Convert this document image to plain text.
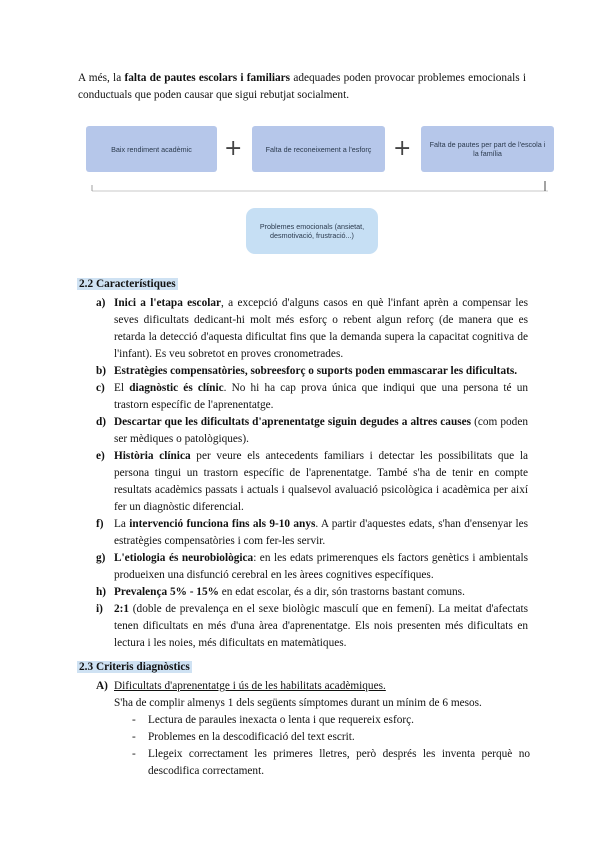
A més, la falta de pautes escolars i familiars adequades poden provocar problemes emocionals i conductuals que poden causar que sigui rebutjat socialment.

Baix rendiment acadèmic +	Falta de reconeixement a l'esforç +	Falta de pautes per part de l'escola i la família
Problemes emocionals (ansietat, desmotivació, frustració...)
2.2 Característiques
a) Inici a l'etapa escolar, a excepció d'alguns casos en què l'infant aprèn a compensar les seves dificultats dedicant-hi molt més esforç o rebent algun reforç (de manera que es retarda la detecció d'aquesta dificultat fins que la demanda supera la capacitat cognitiva de l'infant). Es veu sobretot en proves cronometrades.
b) Estratègies compensatòries, sobreesforç o suports poden emmascarar les dificultats.
c) El diagnòstic és clínic. No hi ha cap prova única que indiqui que una persona té un trastorn específic de l'aprenentatge.
d) Descartar que les dificultats d'aprenentatge siguin degudes a altres causes (com poden ser mèdiques o patològiques).
e) Història clínica per veure els antecedents familiars i detectar les possibilitats que la persona tingui un trastorn específic de l'aprenentatge. També s'ha de tenir en compte resultats acadèmics passats i actuals i qualsevol avaluació psicològica i acadèmica per així fer un diagnòstic diferencial.
f) La intervenció funciona fins als 9-10 anys. A partir d'aquestes edats, s'han d'ensenyar les estratègies compensatòries i com fer-les servir.
g) L'etiologia és neurobiològica: en les edats primerenques els factors genètics i ambientals produeixen una disfunció cerebral en les àrees cognitives específiques.
h) Prevalença 5% - 15% en edat escolar, és a dir, són trastorns bastant comuns.
i) 2:1 (doble de prevalença en el sexe biològic masculí que en femení). La meitat d'afectats tenen dificultats en més d'una àrea d'aprenentatge. Els nois presenten més dificultats en lectura i les noies, més dificultats en matemàtiques.
2.3 Criteris diagnòstics
A) Dificultats d'aprenentatge i ús de les habilitats acadèmiques.
S'ha de complir almenys 1 dels següents símptomes durant un mínim de 6 mesos.
- Lectura de paraules inexacta o lenta i que requereix esforç.
- Problemes en la descodificació del text escrit.
- Llegeix correctament les primeres lletres, però després les inventa perquè no descodifica correctament.
